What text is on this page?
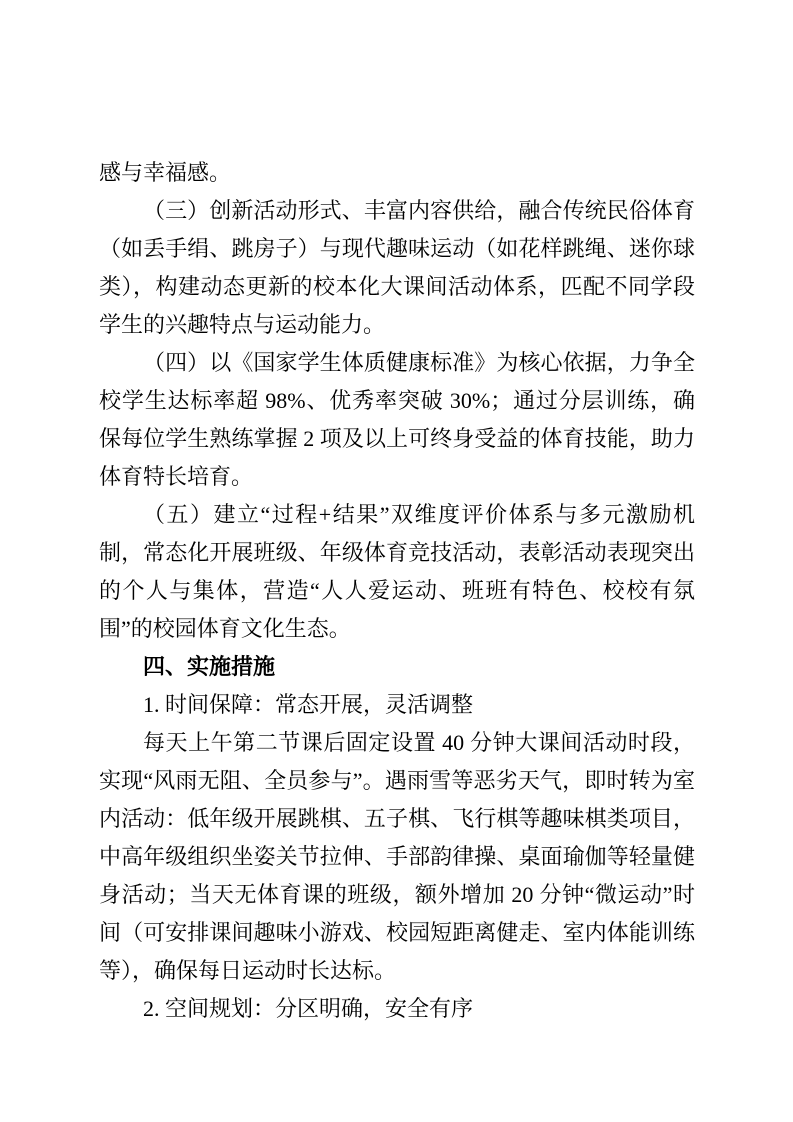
感与幸福感。

（三）创新活动形式、丰富内容供给，融合传统民俗体育（如丢手绢、跳房子）与现代趣味运动（如花样跳绳、迷你球类），构建动态更新的校本化大课间活动体系，匹配不同学段学生的兴趣特点与运动能力。

（四）以《国家学生体质健康标准》为核心依据，力争全校学生达标率超 98%、优秀率突破 30%；通过分层训练，确保每位学生熟练掌握 2 项及以上可终身受益的体育技能，助力体育特长培育。

（五）建立“过程+结果”双维度评价体系与多元激励机制，常态化开展班级、年级体育竞技活动，表彰活动表现突出的个人与集体，营造“人人爱运动、班班有特色、校校有氛围”的校园体育文化生态。

四、实施措施

1. 时间保障：常态开展，灵活调整

每天上午第二节课后固定设置 40 分钟大课间活动时段，实现“风雨无阻、全员参与”。遇雨雪等恶劣天气，即时转为室内活动：低年级开展跳棋、五子棋、飞行棋等趣味棋类项目，中高年级组织坐姿关节拉伸、手部韵律操、桌面瑜伽等轻量健身活动；当天无体育课的班级，额外增加 20 分钟“微运动”时间（可安排课间趣味小游戏、校园短距离健走、室内体能训练等），确保每日运动时长达标。

2. 空间规划：分区明确，安全有序
